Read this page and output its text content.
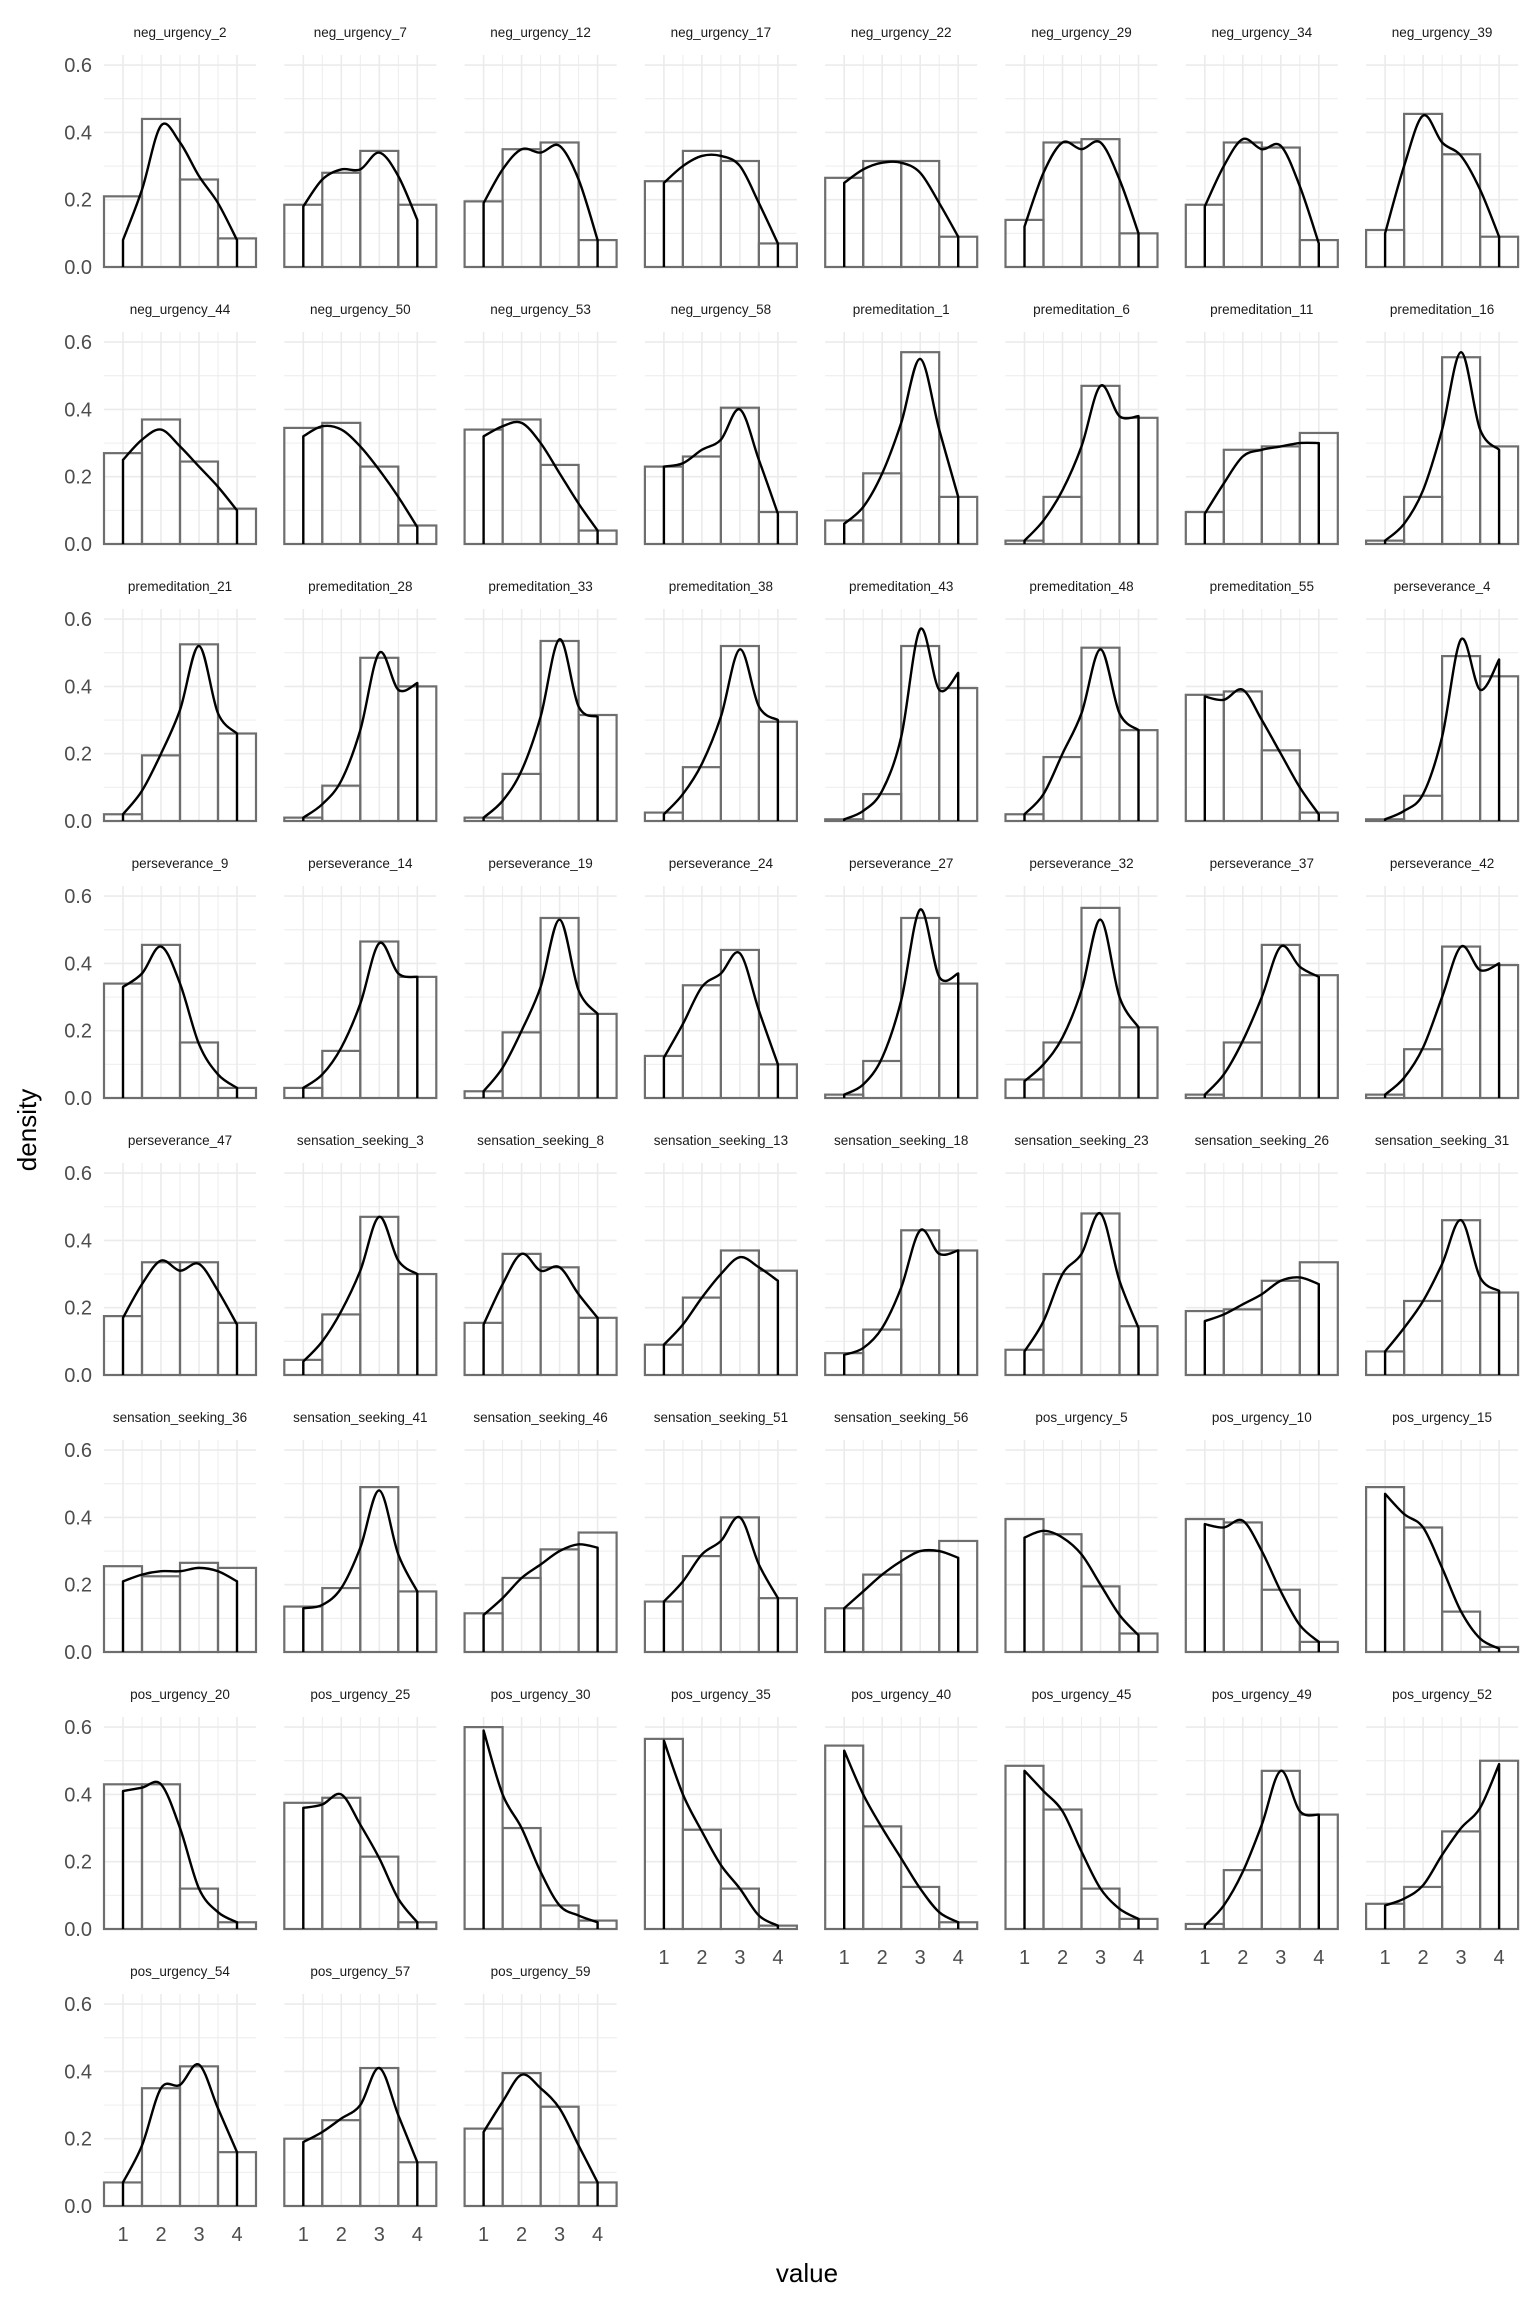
neg_urgency_2
0.0
0.2
0.4
0.6
neg_urgency_7	neg_urgency_12	neg_urgency_17	neg_urgency_22	neg_urgency_29	neg_urgency_34	neg_urgency_39
neg_urgency_44
0.0
0.2
0.4
0.6
neg_urgency_50	neg_urgency_53	neg_urgency_58	premeditation_1	premeditation_6	premeditation_11	premeditation_16
premeditation_21
0.0
0.2
0.4
0.6
premeditation_28	premeditation_33	premeditation_38	premeditation_43	premeditation_48	premeditation_55	perseverance_4
perseverance_9
0.0
0.2
0.4
0.6
perseverance_14	perseverance_19	perseverance_24	perseverance_27	perseverance_32	perseverance_37	perseverance_42
perseverance_47
0.0
0.2
0.4
0.6
sensation_seeking_3	sensation_seeking_8	sensation_seeking_13	sensation_seeking_18	sensation_seeking_23	sensation_seeking_26	sensation_seeking_31
sensation_seeking_36
0.0
0.2
0.4
0.6
sensation_seeking_41	sensation_seeking_46	sensation_seeking_51	sensation_seeking_56	pos_urgency_5	pos_urgency_10	pos_urgency_15
pos_urgency_20
0.0
0.2
0.4
0.6
pos_urgency_25	pos_urgency_30	pos_urgency_35
1 2 3 4
pos_urgency_40
1 2 3 4
pos_urgency_45
1 2 3 4
pos_urgency_49
1 2 3 4
pos_urgency_52
1 2 3 4
pos_urgency_54
0.0
0.2
0.4
0.6
1 2 3 4
pos_urgency_57
1 2 3 4
pos_urgency_59
1 2 3 4
value
density
